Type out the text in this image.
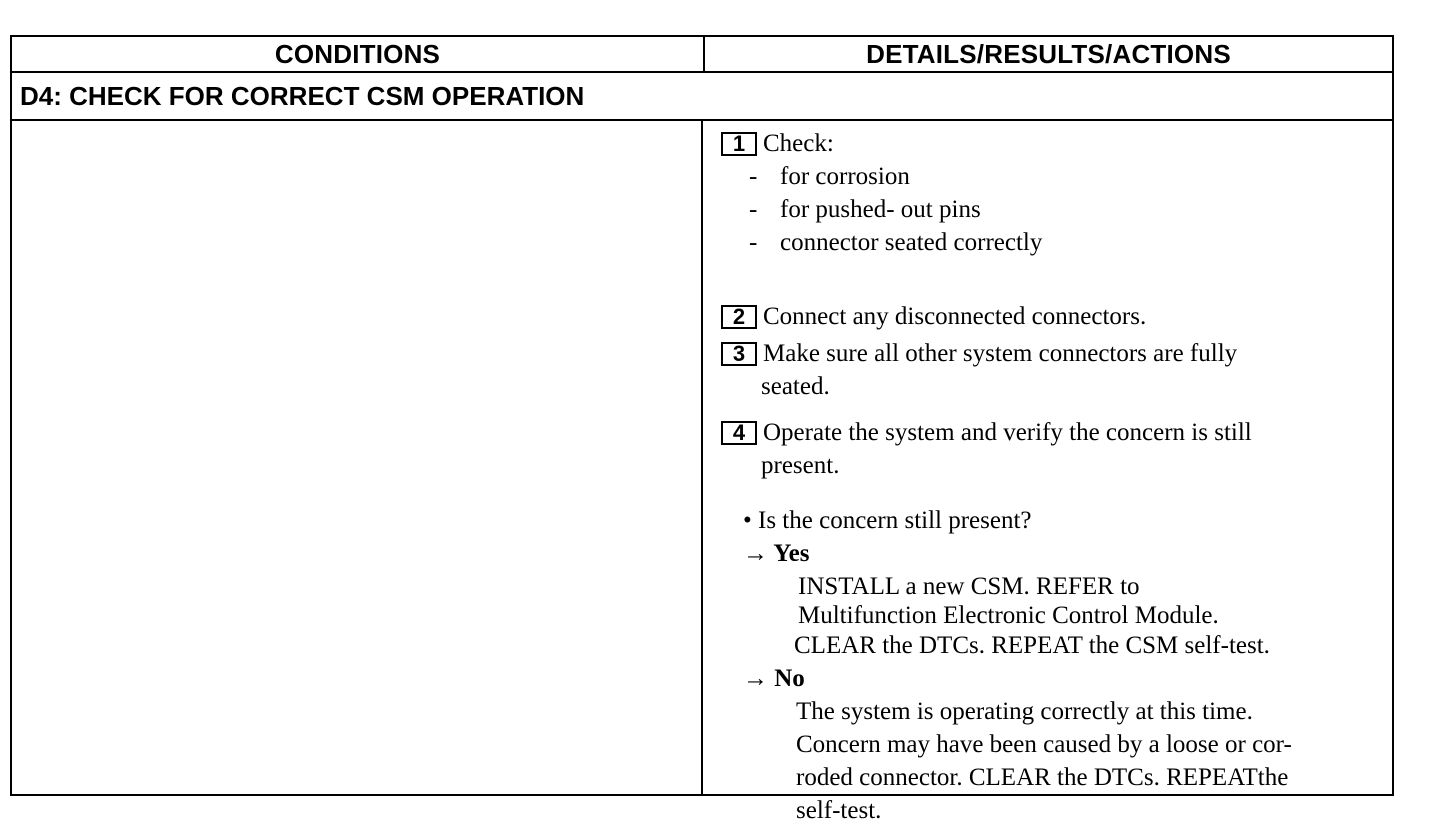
CONDITIONS	DETAILS/RESULTS/ACTIONS
D4: CHECK FOR CORRECT CSM OPERATION
1 Check:
- for corrosion
- for pushed- out pins
- connector seated correctly
2 Connect any disconnected connectors.
3 Make sure all other system connectors are fully
seated.
4 Operate the system and verify the concern is still
present.
• Is the concern still present?
→ Yes
INSTALL a new CSM. REFER to
Multifunction Electronic Control Module.
CLEAR the DTCs. REPEAT the CSM self-test.
→ No
The system is operating correctly at this time.
Concern may have been caused by a loose or cor-
roded connector. CLEAR the DTCs. REPEATthe
self-test.
